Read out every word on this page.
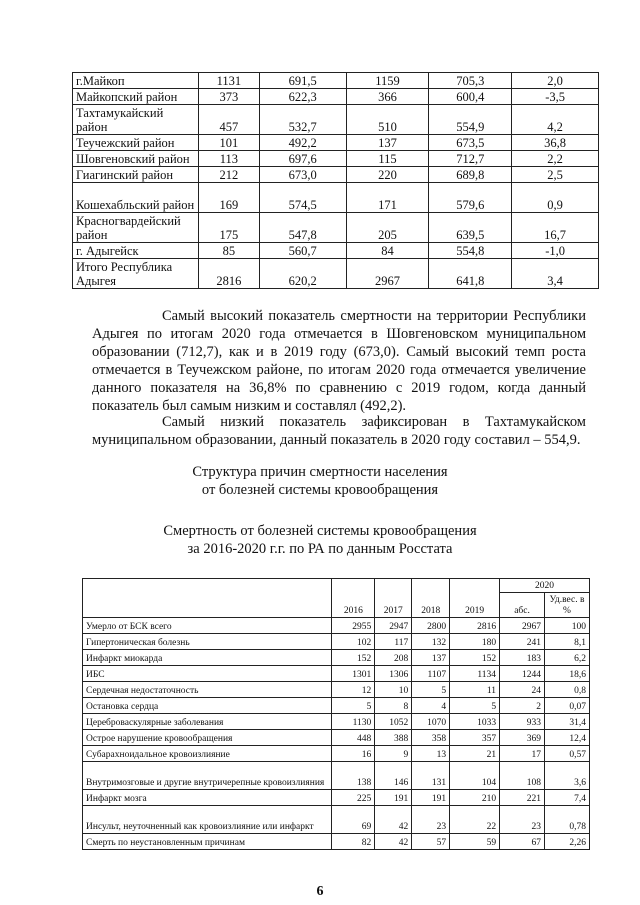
г.Майкоп	1131	691,5	1159	705,3	2,0
Майкопский район	373	622,3	366	600,4	-3,5
Тахтамукайский район	457	532,7	510	554,9	4,2
Теучежский район	101	492,2	137	673,5	36,8
Шовгеновский район	113	697,6	115	712,7	2,2
Гиагинский район	212	673,0	220	689,8	2,5
Кошехабльский район	169	574,5	171	579,6	0,9
Красногвардейский район	175	547,8	205	639,5	16,7
г. Адыгейск	85	560,7	84	554,8	-1,0
Итого Республика Адыгея	2816	620,2	2967	641,8	3,4
Самый высокий показатель смертности на территории Республики Адыгея по итогам 2020 года отмечается в Шовгеновском муниципальном образовании (712,7), как и в 2019 году (673,0). Самый высокий темп роста отмечается в Теучежском районе, по итогам 2020 года отмечается увеличение данного показателя на 36,8% по сравнению с 2019 годом, когда данный показатель был самым низким и составлял (492,2).
Самый низкий показатель зафиксирован в Тахтамукайском муниципальном образовании, данный показатель в 2020 году составил – 554,9.
Структура причин смертности населения
от болезней системы кровообращения
Смертность от болезней системы кровообращения
за 2016-2020 г.г. по РА по данным Росстата
	2016	2017	2018	2019	2020	
					абс.	Уд.вес. в %
Умерло от БСК всего	2955	2947	2800	2816	2967	100
Гипертоническая болезнь	102	117	132	180	241	8,1
Инфаркт миокарда	152	208	137	152	183	6,2
ИБС	1301	1306	1107	1134	1244	18,6
Сердечная недостаточность	12	10	5	11	24	0,8
Остановка сердца	5	8	4	5	2	0,07
Цереброваскулярные заболевания	1130	1052	1070	1033	933	31,4
Острое нарушение кровообращения	448	388	358	357	369	12,4
Субарахноидальное кровоизлияние	16	9	13	21	17	0,57
Внутримозговые и другие внутричерепные кровоизлияния	138	146	131	104	108	3,6
Инфаркт мозга	225	191	191	210	221	7,4
Инсульт, неуточненный как кровоизлияние или инфаркт	69	42	23	22	23	0,78
Смерть по неустановленным причинам	82	42	57	59	67	2,26
6
